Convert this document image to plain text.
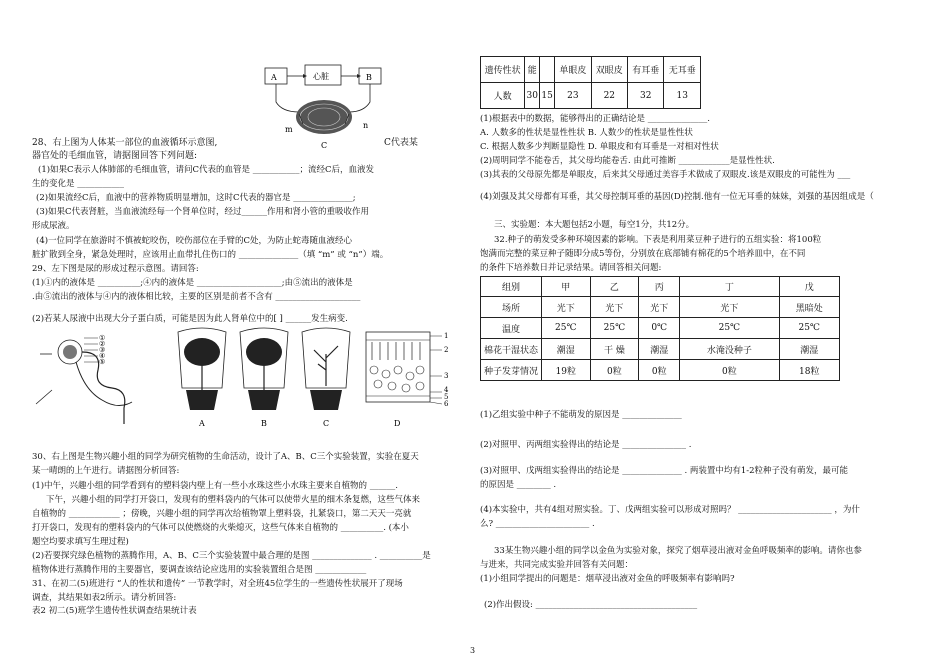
A	心脏	B
m	n
C
28、右上图为人体某一部位的血液循环示意图,	C代表某
器官处的毛细血管，请据图回答下列问题:
(1)如果C表示人体肺部的毛细血管，请问C代表的血管是 ___________；流经C后，血液发
生的变化是 ___________
(2)如果流经C后，血液中的营养物质明显增加，这时C代表的器官是 ______________;
(3)如果C代表肾脏，当血液流经每一个肾单位时，经过______作用和肾小管的重吸收作用
形成尿液。
(4)一位同学在旅游时不慎被蛇咬伤，咬伤部位在手臂的C处，为防止蛇毒随血液经心
脏扩散到全身，紧急处理时，应该用止血带扎住伤口的 ______________（填 “m” 或 “n”）端。
29、左下图是尿的形成过程示意图。请回答:
(1)①内的液体是 __________;④内的液体是 ____________________;由⑤流出的液体是
.由⑤流出的液体与④内的液体相比较，主要的区别是前者不含有 ____________________
(2)若某人尿液中出现大分子蛋白质，可能是因为此人肾单位中的[ ] ______发生病变.
①
②
③
④
⑤
A	B	C
1
2
3
4
5
6
D
30、右上图是生物兴趣小组的同学为研究植物的生命活动，设计了A、B、C三个实验装置，实验在夏天
某一晴朗的上午进行。请据图分析回答:
(1)中午，兴趣小组的同学看到有的塑料袋内壁上有一些小水珠这些小水珠主要来自植物的 ______.
下午，兴趣小组的同学打开袋口，发现有的塑料袋内的气体可以使带火星的细木条复燃，这些气体来
自植物的 ____________ ；傍晚，兴趣小组的同学再次给植物罩上塑料袋，扎紧袋口，第二天天一亮就
打开袋口，发现有的塑料袋内的气体可以使燃烧的火柴熄灭，这些气体来自植物的 __________. (本小
题空均要求填写生理过程)
(2)若要探究绿色植物的蒸腾作用，A、B、C三个实验装置中最合理的是图 ______________ . __________是
植物体进行蒸腾作用的主要器官，要调查该结论应选用的实验装置组合是图 ____________
31、在初二(5)班进行 “人的性状和遗传” 一节教学时，对全班45位学生的一些遗传性状展开了现场
调查，其结果如表2所示。请分析回答:
表2 初二(5)班学生遗传性状调查结果统计表
遗传性状	能		单眼皮	双眼皮	有耳垂	无耳垂
人数	30	15	23	22	32	13
(1)根据表中的数据，能够得出的正确结论是 ______________.
A. 人数多的性状是显性性状 B. 人数少的性状是显性性状
C. 根据人数多少判断显隐性 D. 单眼皮和有耳垂是一对相对性状
(2)周明同学不能卷舌，其父母均能卷舌. 由此可推断 ____________是显性性状.
(3)其表的父母原先都是单眼皮，后来其父母通过美容手术做成了双眼皮.该是双眼皮的可能性为 ___
(4)刘强及其父母都有耳垂，其父母控制耳垂的基因(D)控制.他有一位无耳垂的妹妹，刘强的基因组成是（
三、实验题：本大题包括2小题，每空1分，共12分。
32.种子的萌发受多种环境因素的影响。下表是利用菜豆种子进行的五组实验：将100粒
饱满而完整的菜豆种子随即分成5等份，分别放在底部铺有棉花的5个培养皿中，在不同
的条件下培养数日并记录结果。请回答相关问题:
组别	甲	乙	丙	丁	戊
场所	光下	光下	光下	光下	黑暗处
温度	25℃	25℃	0℃	25℃	25℃
棉花干湿状态	潮湿	干 燥	潮湿	水淹没种子	潮湿
种子发芽情况	19粒	0粒	0粒	0粒	18粒
(1)乙组实验中种子不能萌发的原因是 ______________
(2)对照甲、丙两组实验得出的结论是 _______________ .
(3)对照甲、戊两组实验得出的结论是 ______________ . 两装置中均有1-2粒种子没有萌发，最可能
的原因是 ________ .
(4)本实验中，共有4组对照实验。丁、戊两组实验可以形成对照吗？ ______________________ ，为什
么? ______________________ .
33某生物兴趣小组的同学以金鱼为实验对象，探究了烟草浸出液对金鱼呼吸频率的影响。请你也参
与进来，共同完成实验并回答有关问题：
(1)小组同学提出的问题是：烟草浸出液对金鱼的呼吸频率有影响吗?
(2)作出假设: ______________________________________
3
